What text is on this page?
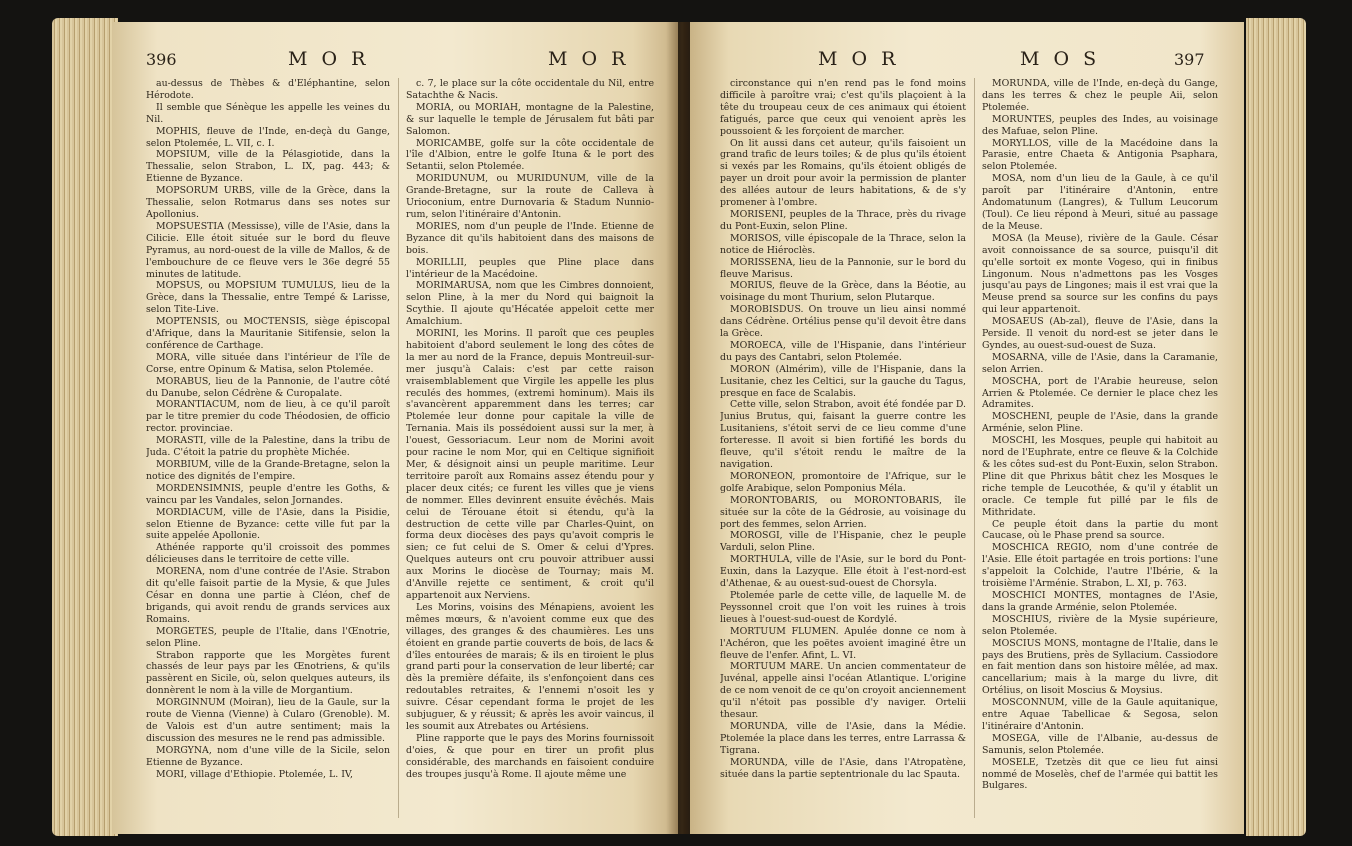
396	M O R	M O R

au-dessus de Thèbes & d'Eléphantine, selon Hérodote.

Il semble que Sénèque les appelle les veines du Nil.

MOPHIS, fleuve de l'Inde, en-deçà du Gange, selon Ptolemée, L. VII, c. I.

MOPSIUM, ville de la Pélasgiotide, dans la Thessalie, selon Strabon, L. IX, pag. 443; & Etienne de Byzance.

MOPSORUM URBS, ville de la Grèce, dans la Thessalie, selon Rotmarus dans ses notes sur Apollonius.

MOPSUESTIA (Messisse), ville de l'Asie, dans la Cilicie. Elle étoit située sur le bord du fleuve Pyramus, au nord-ouest de la ville de Mallos, & de l'embouchure de ce fleuve vers le 36e degré 55 minutes de latitude.

MOPSUS, ou MOPSIUM TUMULUS, lieu de la Grèce, dans la Thessalie, entre Tempé & Larisse, selon Tite-Live.

MOPTENSIS, ou MOCTENSIS, siège épiscopal d'Afrique, dans la Mauritanie Sitifensie, selon la conférence de Carthage.

MORA, ville située dans l'intérieur de l'île de Corse, entre Opinum & Matisa, selon Ptolemée.

MORABUS, lieu de la Pannonie, de l'autre côté du Danube, selon Cédrène & Curopalate.

MORANTIACUM, nom de lieu, à ce qu'il paroît par le titre premier du code Théodosien, de officio rector. provinciae.

MORASTI, ville de la Palestine, dans la tribu de Juda. C'étoit la patrie du prophète Michée.

MORBIUM, ville de la Grande-Bretagne, selon la notice des dignités de l'empire.

MORDENSIMNIS, peuple d'entre les Goths, & vaincu par les Vandales, selon Jornandes.

MORDIACUM, ville de l'Asie, dans la Pisidie, selon Etienne de Byzance: cette ville fut par la suite appelée Apollonie.

Athénée rapporte qu'il croissoit des pommes délicieuses dans le territoire de cette ville.

MORENA, nom d'une contrée de l'Asie. Strabon dit qu'elle faisoit partie de la Mysie, & que Jules César en donna une partie à Cléon, chef de brigands, qui avoit rendu de grands services aux Romains.

MORGETES, peuple de l'Italie, dans l'Œnotrie, selon Pline.

Strabon rapporte que les Morgètes furent chassés de leur pays par les Œnotriens, & qu'ils passèrent en Sicile, où, selon quelques auteurs, ils donnèrent le nom à la ville de Morgantium.

MORGINNUM (Moiran), lieu de la Gaule, sur la route de Vienna (Vienne) à Cularo (Grenoble). M. de Valois est d'un autre sentiment; mais la discussion des mesures ne le rend pas admissible.

MORGYNA, nom d'une ville de la Sicile, selon Etienne de Byzance.

MORI, village d'Ethiopie. Ptolemée, L. IV,

c. 7, le place sur la côte occidentale du Nil, entre Satachthe & Nacis.

MORIA, ou MORIAH, montagne de la Palestine, & sur laquelle le temple de Jérusalem fut bâti par Salomon.

MORICAMBE, golfe sur la côte occidentale de l'île d'Albion, entre le golfe Ituna & le port des Setantii, selon Ptolemée.

MORIDUNUM, ou MURIDUNUM, ville de la Grande-Bretagne, sur la route de Calleva à Urioconium, entre Durnovaria & Stadum Nunnio-rum, selon l'itinéraire d'Antonin.

MORIES, nom d'un peuple de l'Inde. Etienne de Byzance dit qu'ils habitoient dans des maisons de bois.

MORILLII, peuples que Pline place dans l'intérieur de la Macédoine.

MORIMARUSA, nom que les Cimbres donnoient, selon Pline, à la mer du Nord qui baignoit la Scythie. Il ajoute qu'Hécatée appeloit cette mer Amalchium.

MORINI, les Morins. Il paroît que ces peuples habitoient d'abord seulement le long des côtes de la mer au nord de la France, depuis Montreuil-sur-mer jusqu'à Calais: c'est par cette raison vraisemblablement que Virgile les appelle les plus reculés des hommes, (extremi hominum). Mais ils s'avancèrent apparemment dans les terres; car Ptolemée leur donne pour capitale la ville de Ternania. Mais ils possédoient aussi sur la mer, à l'ouest, Gessoriacum. Leur nom de Morini avoit pour racine le nom Mor, qui en Celtique signifioit Mer, & désignoit ainsi un peuple maritime. Leur territoire paroît aux Romains assez étendu pour y placer deux cités; ce furent les villes que je viens de nommer. Elles devinrent ensuite évêchés. Mais celui de Térouane étoit si étendu, qu'à la destruction de cette ville par Charles-Quint, on forma deux diocèses des pays qu'avoit compris le sien; ce fut celui de S. Omer & celui d'Ypres. Quelques auteurs ont cru pouvoir attribuer aussi aux Morins le diocèse de Tournay; mais M. d'Anville rejette ce sentiment, & croit qu'il appartenoit aux Nerviens.

Les Morins, voisins des Ménapiens, avoient les mêmes mœurs, & n'avoient comme eux que des villages, des granges & des chaumières. Les uns étoient en grande partie couverts de bois, de lacs & d'îles entourées de marais; & ils en tiroient le plus grand parti pour la conservation de leur liberté; car dès la première défaite, ils s'enfonçoient dans ces redoutables retraites, & l'ennemi n'osoit les y suivre. César cependant forma le projet de les subjuguer, & y réussit; & après les avoir vaincus, il les soumit aux Atrebates ou Artésiens.

Pline rapporte que le pays des Morins fournissoit d'oies, & que pour en tirer un profit plus considérable, des marchands en faisoient conduire des troupes jusqu'à Rome. Il ajoute même une

M O R	M O S	397

circonstance qui n'en rend pas le fond moins difficile à paroître vrai; c'est qu'ils plaçoient à la tête du troupeau ceux de ces animaux qui étoient fatigués, parce que ceux qui venoient après les poussoient & les forçoient de marcher.

On lit aussi dans cet auteur, qu'ils faisoient un grand trafic de leurs toiles; & de plus qu'ils étoient si vexés par les Romains, qu'ils étoient obligés de payer un droit pour avoir la permission de planter des allées autour de leurs habitations, & de s'y promener à l'ombre.

MORISENI, peuples de la Thrace, près du rivage du Pont-Euxin, selon Pline.

MORISOS, ville épiscopale de la Thrace, selon la notice de Hiéroclès.

MORISSENA, lieu de la Pannonie, sur le bord du fleuve Marisus.

MORIUS, fleuve de la Grèce, dans la Béotie, au voisinage du mont Thurium, selon Plutarque.

MOROBISDUS. On trouve un lieu ainsi nommé dans Cédrène. Ortélius pense qu'il devoit être dans la Grèce.

MOROECA, ville de l'Hispanie, dans l'intérieur du pays des Cantabri, selon Ptolemée.

MORON (Almérim), ville de l'Hispanie, dans la Lusitanie, chez les Celtici, sur la gauche du Tagus, presque en face de Scalabis.

Cette ville, selon Strabon, avoit été fondée par D. Junius Brutus, qui, faisant la guerre contre les Lusitaniens, s'étoit servi de ce lieu comme d'une forteresse. Il avoit si bien fortifié les bords du fleuve, qu'il s'étoit rendu le maître de la navigation.

MORONEON, promontoire de l'Afrique, sur le golfe Arabique, selon Pomponius Méla.

MORONTOBARIS, ou MORONTOBARIS, île située sur la côte de la Gédrosie, au voisinage du port des femmes, selon Arrien.

MOROSGI, ville de l'Hispanie, chez le peuple Varduli, selon Pline.

MORTHULA, ville de l'Asie, sur le bord du Pont-Euxin, dans la Lazyque. Elle étoit à l'est-nord-est d'Athenae, & au ouest-sud-ouest de Chorsyla.

Ptolemée parle de cette ville, de laquelle M. de Peyssonnel croit que l'on voit les ruines à trois lieues à l'ouest-sud-ouest de Kordylé.

MORTUUM FLUMEN. Apulée donne ce nom à l'Achéron, que les poëtes avoient imaginé être un fleuve de l'enfer. Afint, L. VI.

MORTUUM MARE. Un ancien commentateur de Juvénal, appelle ainsi l'océan Atlantique. L'origine de ce nom venoit de ce qu'on croyoit anciennement qu'il n'étoit pas possible d'y naviger. Ortelii thesaur.

MORUNDA, ville de l'Asie, dans la Médie. Ptolemée la place dans les terres, entre Larrassa & Tigrana.

MORUNDA, ville de l'Asie, dans l'Atropatène, située dans la partie septentrionale du lac Spauta.

MORUNDA, ville de l'Inde, en-deçà du Gange, dans les terres & chez le peuple Aii, selon Ptolemée.

MORUNTES, peuples des Indes, au voisinage des Mafuae, selon Pline.

MORYLLOS, ville de la Macédoine dans la Parasie, entre Chaeta & Antigonia Psaphara, selon Ptolemée.

MOSA, nom d'un lieu de la Gaule, à ce qu'il paroît par l'itinéraire d'Antonin, entre Andomatunum (Langres), & Tullum Leucorum (Toul). Ce lieu répond à Meuri, situé au passage de la Meuse.

MOSA (la Meuse), rivière de la Gaule. César avoit connoissance de sa source, puisqu'il dit qu'elle sortoit ex monte Vogeso, qui in finibus Lingonum. Nous n'admettons pas les Vosges jusqu'au pays de Lingones; mais il est vrai que la Meuse prend sa source sur les confins du pays qui leur appartenoit.

MOSAEUS (Ab-zal), fleuve de l'Asie, dans la Perside. Il venoit du nord-est se jeter dans le Gyndes, au ouest-sud-ouest de Suza.

MOSARNA, ville de l'Asie, dans la Caramanie, selon Arrien.

MOSCHA, port de l'Arabie heureuse, selon Arrien & Ptolemée. Ce dernier le place chez les Adramites.

MOSCHENI, peuple de l'Asie, dans la grande Arménie, selon Pline.

MOSCHI, les Mosques, peuple qui habitoit au nord de l'Euphrate, entre ce fleuve & la Colchide & les côtes sud-est du Pont-Euxin, selon Strabon. Pline dit que Phrixus bâtit chez les Mosques le riche temple de Leucothée, & qu'il y établit un oracle. Ce temple fut pillé par le fils de Mithridate.

Ce peuple étoit dans la partie du mont Caucase, où le Phase prend sa source.

MOSCHICA REGIO, nom d'une contrée de l'Asie. Elle étoit partagée en trois portions: l'une s'appeloit la Colchide, l'autre l'Ibérie, & la troisième l'Arménie. Strabon, L. XI, p. 763.

MOSCHICI MONTES, montagnes de l'Asie, dans la grande Arménie, selon Ptolemée.

MOSCHIUS, rivière de la Mysie supérieure, selon Ptolemée.

MOSCIUS MONS, montagne de l'Italie, dans le pays des Brutiens, près de Syllacium. Cassiodore en fait mention dans son histoire mêlée, ad max. cancellarium; mais à la marge du livre, dit Ortélius, on lisoit Moscius & Moysius.

MOSCONNUM, ville de la Gaule aquitanique, entre Aquae Tabellicae & Segosa, selon l'itinéraire d'Antonin.

MOSEGA, ville de l'Albanie, au-dessus de Samunis, selon Ptolemée.

MOSELE, Tzetzès dit que ce lieu fut ainsi nommé de Moselès, chef de l'armée qui battit les Bulgares.
